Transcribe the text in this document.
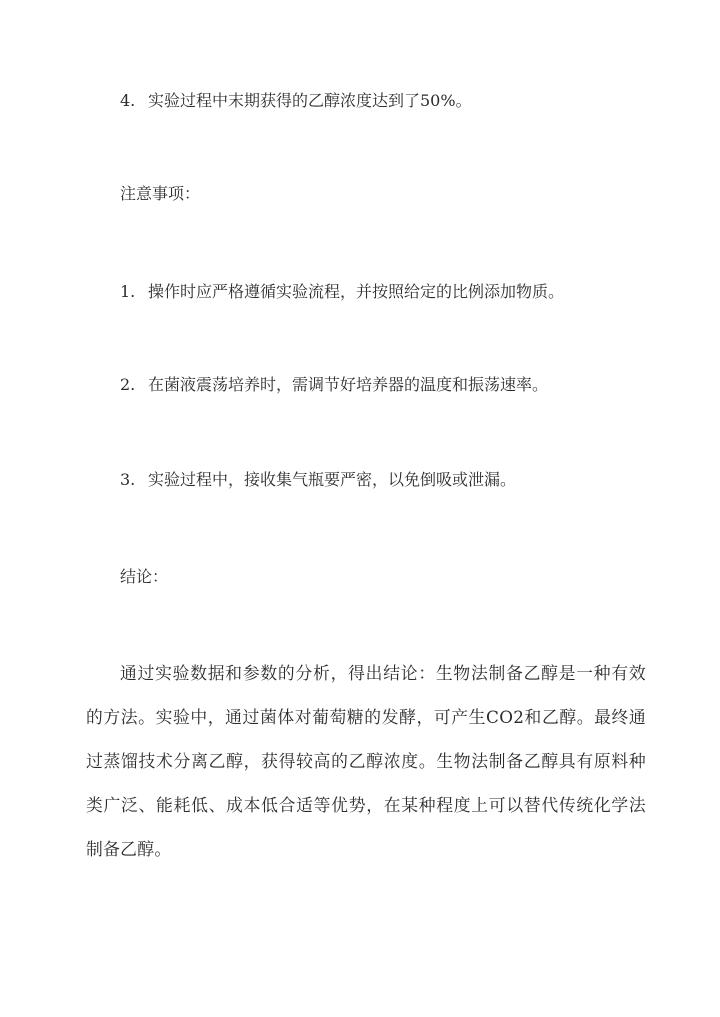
4. 实验过程中末期获得的乙醇浓度达到了50%。
注意事项：
1. 操作时应严格遵循实验流程，并按照给定的比例添加物质。
2. 在菌液震荡培养时，需调节好培养器的温度和振荡速率。
3. 实验过程中，接收集气瓶要严密，以免倒吸或泄漏。
结论：
通过实验数据和参数的分析，得出结论：生物法制备乙醇是一种有效的方法。实验中，通过菌体对葡萄糖的发酵，可产生CO2和乙醇。最终通过蒸馏技术分离乙醇，获得较高的乙醇浓度。生物法制备乙醇具有原料种类广泛、能耗低、成本低合适等优势，在某种程度上可以替代传统化学法制备乙醇。
